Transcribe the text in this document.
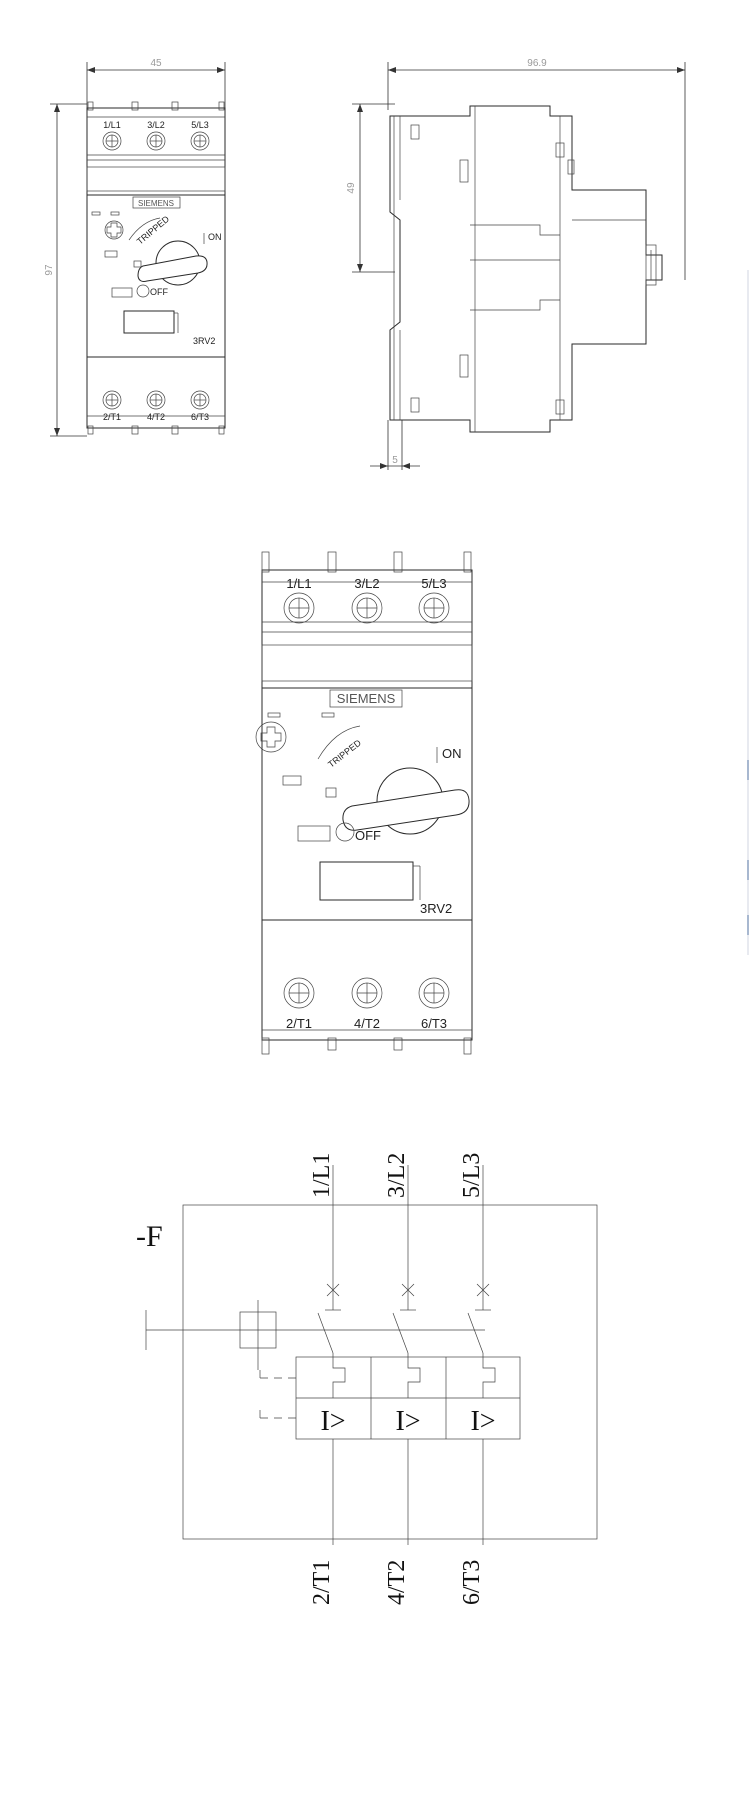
45
97
1/L1	3/L2	5/L3
SIEMENS
TRIPPED	ON
OFF
3RV2
2/T1	4/T2	6/T3
96.9
49
5
1/L1	3/L2	5/L3
SIEMENS
TRIPPED	ON
OFF
3RV2
2/T1	4/T2	6/T3
-F
1/L1 3/L2 5/L3
2/T1 4/T2 6/T3
I> I> I>
